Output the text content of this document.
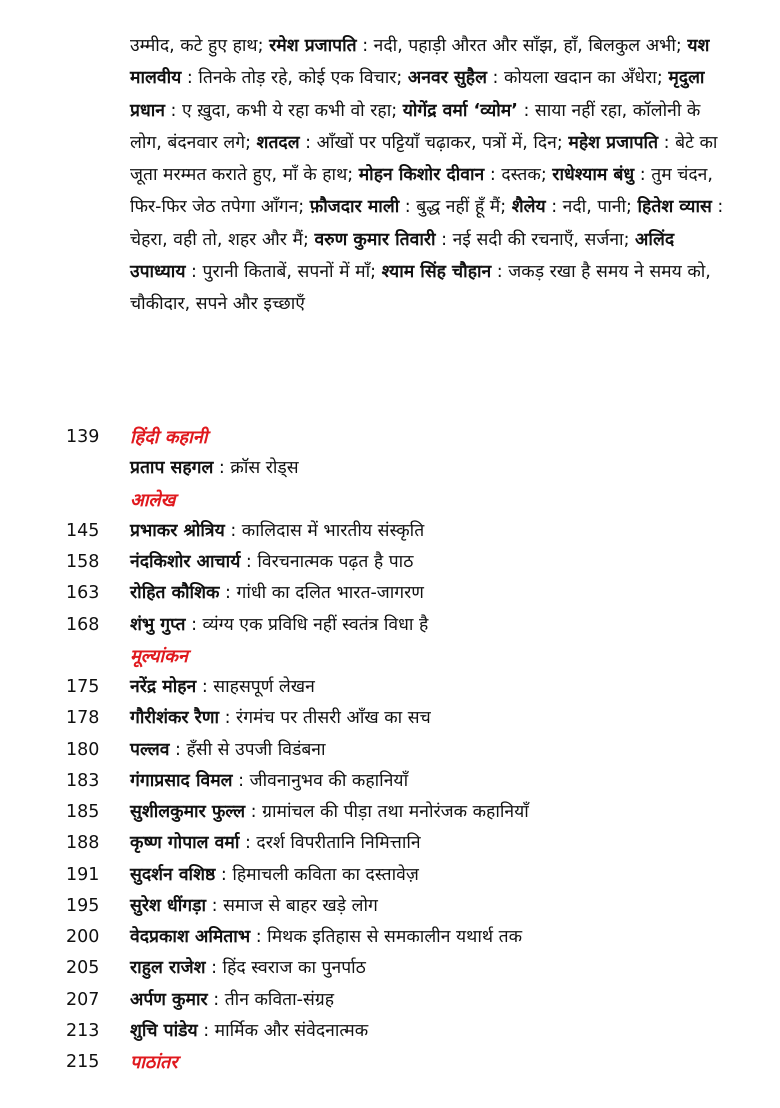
उम्मीद, कटे हुए हाथ; रमेश प्रजापति : नदी, पहाड़ी औरत और साँझ, हाँ, बिलकुल अभी; यश मालवीय : तिनके तोड़ रहे, कोई एक विचार; अनवर सुहैल : कोयला खदान का अँधेरा; मृदुला प्रधान : ए ख़ुदा, कभी ये रहा कभी वो रहा; योगेंद्र वर्मा ‘व्योम’ : साया नहीं रहा, कॉलोनी के लोग, बंदनवार लगे; शतदल : आँखों पर पट्टियाँ चढ़ाकर, पत्रों में, दिन; महेश प्रजापति : बेटे का जूता मरम्मत कराते हुए, माँ के हाथ; मोहन किशोर दीवान : दस्तक; राधेश्याम बंधु : तुम चंदन, फिर-फिर जेठ तपेगा आँगन; फ़ौजदार माली : बुद्ध नहीं हूँ मैं; शैलेय : नदी, पानी; हितेश व्यास : चेहरा, वही तो, शहर और मैं; वरुण कुमार तिवारी : नई सदी की रचनाएँ, सर्जना; अलिंद उपाध्याय : पुरानी किताबें, सपनों में माँ; श्याम सिंह चौहान : जकड़ रखा है समय ने समय को, चौकीदार, सपने और इच्छाएँ
139	हिंदी कहानी
प्रताप सहगल : क्रॉस रोड्स
आलेख
145	प्रभाकर श्रोत्रिय : कालिदास में भारतीय संस्कृति
158	नंदकिशोर आचार्य : विरचनात्मक पढ़त है पाठ
163	रोहित कौशिक : गांधी का दलित भारत-जागरण
168	शंभु गुप्त : व्यंग्य एक प्रविधि नहीं स्वतंत्र विधा है
मूल्यांकन
175	नरेंद्र मोहन : साहसपूर्ण लेखन
178	गौरीशंकर रैणा : रंगमंच पर तीसरी आँख का सच
180	पल्लव : हँसी से उपजी विडंबना
183	गंगाप्रसाद विमल : जीवनानुभव की कहानियाँ
185	सुशीलकुमार फुल्ल : ग्रामांचल की पीड़ा तथा मनोरंजक कहानियाँ
188	कृष्ण गोपाल वर्मा : दरर्श विपरीतानि निमित्तानि
191	सुदर्शन वशिष्ठ : हिमाचली कविता का दस्तावेज़
195	सुरेश धींगड़ा : समाज से बाहर खड़े लोग
200	वेदप्रकाश अमिताभ : मिथक इतिहास से समकालीन यथार्थ तक
205	राहुल राजेश : हिंद स्वराज का पुनर्पाठ
207	अर्पण कुमार : तीन कविता-संग्रह
213	शुचि पांडेय : मार्मिक और संवेदनात्मक
215	पाठांतर
